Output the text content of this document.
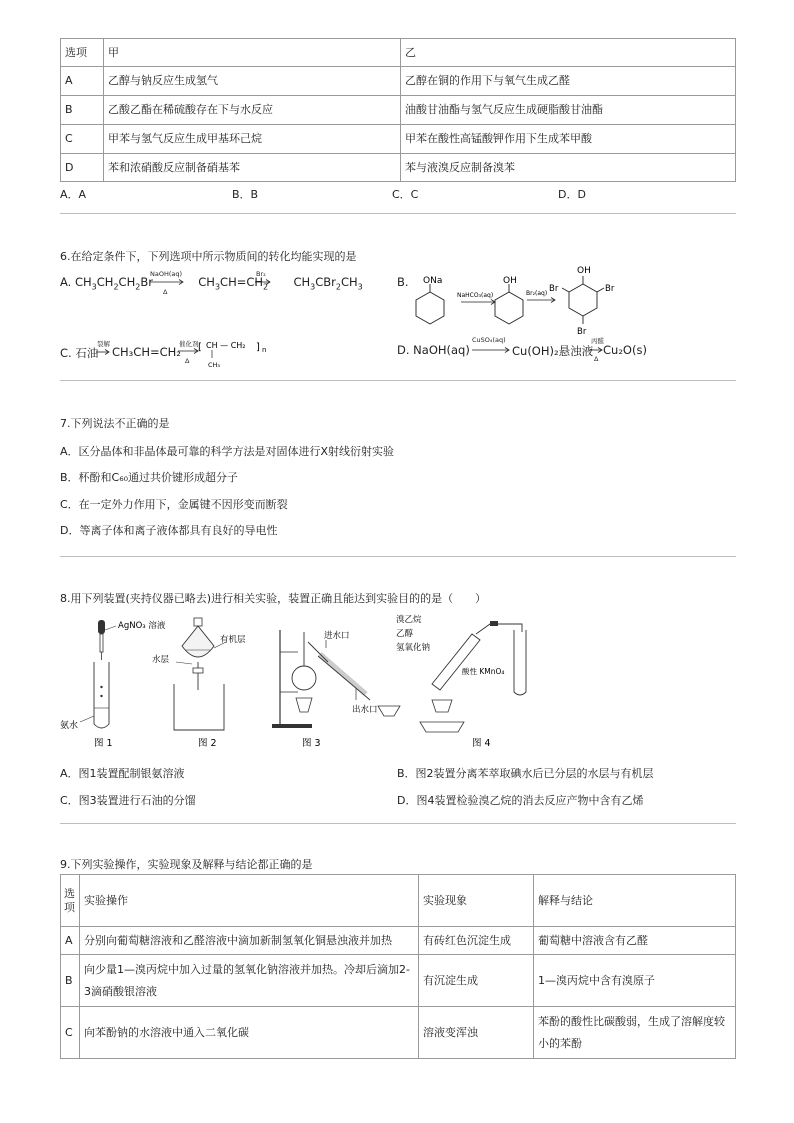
选项	甲	乙
A	乙醇与钠反应生成氢气	乙醇在铜的作用下与氧气生成乙醛
B	乙酸乙酯在稀硫酸存在下与水反应	油酸甘油酯与氢气反应生成硬脂酸甘油酯
C	甲苯与氢气反应生成甲基环己烷	甲苯在酸性高锰酸钾作用下生成苯甲酸
D	苯和浓硝酸反应制备硝基苯	苯与液溴反应制备溴苯
A．A	B．B	C．C	D．D
6.在给定条件下，下列选项中所示物质间的转化均能实现的是
A. $CH_3CH_2CH_2Br$	$CH_3CH=CH_2$ $CH_3CBr_2CH_3$
NaOH(aq)
Δ
Br₂
B. ONa
NaHCO₃(aq)
OH
Br₂(aq)
OH
Br	Br
Br
C. 石油
裂解
CH₃CH=CH₂
催化剂
Δ
[ CH — CH₂ ] n
CH₃
D. NaOH(aq)
CuSO₄(aq)
Cu(OH)₂悬浊液
丙醛
Δ
Cu₂O(s)
7.下列说法不正确的是
A．区分晶体和非晶体最可靠的科学方法是对固体进行X射线衍射实验
B．杯酚和C₆₀通过共价键形成超分子
C．在一定外力作用下，金属键不因形变而断裂
D．等离子体和离子液体都具有良好的导电性
8.用下列装置(夹持仪器已略去)进行相关实验，装置正确且能达到实验目的的是（　　）
AgNO₃ 溶液
氨水
图 1
有机层
水层
图 2
进水口
出水口
图 3
溴乙烷
乙醇
氢氧化钠
酸性 KMnO₄
图 4
A．图1装置配制银氨溶液	B．图2装置分离苯萃取碘水后已分层的水层与有机层
C．图3装置进行石油的分馏	D．图4装置检验溴乙烷的消去反应产物中含有乙烯
9.下列实验操作，实验现象及解释与结论都正确的是
选项	实验操作	实验现象	解释与结论
A	分别向葡萄糖溶液和乙醛溶液中滴加新制氢氧化铜悬浊液并加热	有砖红色沉淀生成	葡萄糖中溶液含有乙醛
B	向少量1—溴丙烷中加入过量的氢氧化钠溶液并加热。冷却后滴加2-3滴硝酸银溶液	有沉淀生成	1—溴丙烷中含有溴原子
C	向苯酚钠的水溶液中通入二氧化碳	溶液变浑浊	苯酚的酸性比碳酸弱，生成了溶解度较小的苯酚
